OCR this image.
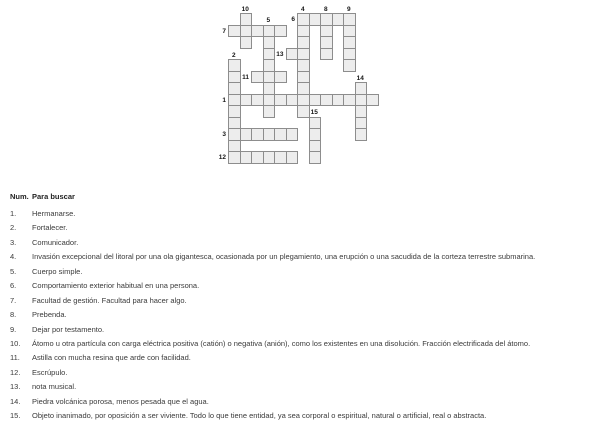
1
2
3
4
5	6
7
8	9
10
11
12
13
14
15
Num. Para buscar
1.	Hermanarse.
2.	Fortalecer.
3.	Comunicador.
4.	Invasión excepcional del litoral por una ola gigantesca, ocasionada por un plegamiento, una erupción o una sacudida de la corteza terrestre submarina.
5.	Cuerpo simple.
6.	Comportamiento exterior habitual en una persona.
7.	Facultad de gestión. Facultad para hacer algo.
8.	Prebenda.
9.	Dejar por testamento.
10.	Átomo u otra partícula con carga eléctrica positiva (catión) o negativa (anión), como los existentes en una disolución. Fracción electrificada del átomo.
11.	Astilla con mucha resina que arde con facilidad.
12.	Escrúpulo.
13.	nota musical.
14.	Piedra volcánica porosa, menos pesada que el agua.
15.	Objeto inanimado, por oposición a ser viviente. Todo lo que tiene entidad, ya sea corporal o espiritual, natural o artificial, real o abstracta.
